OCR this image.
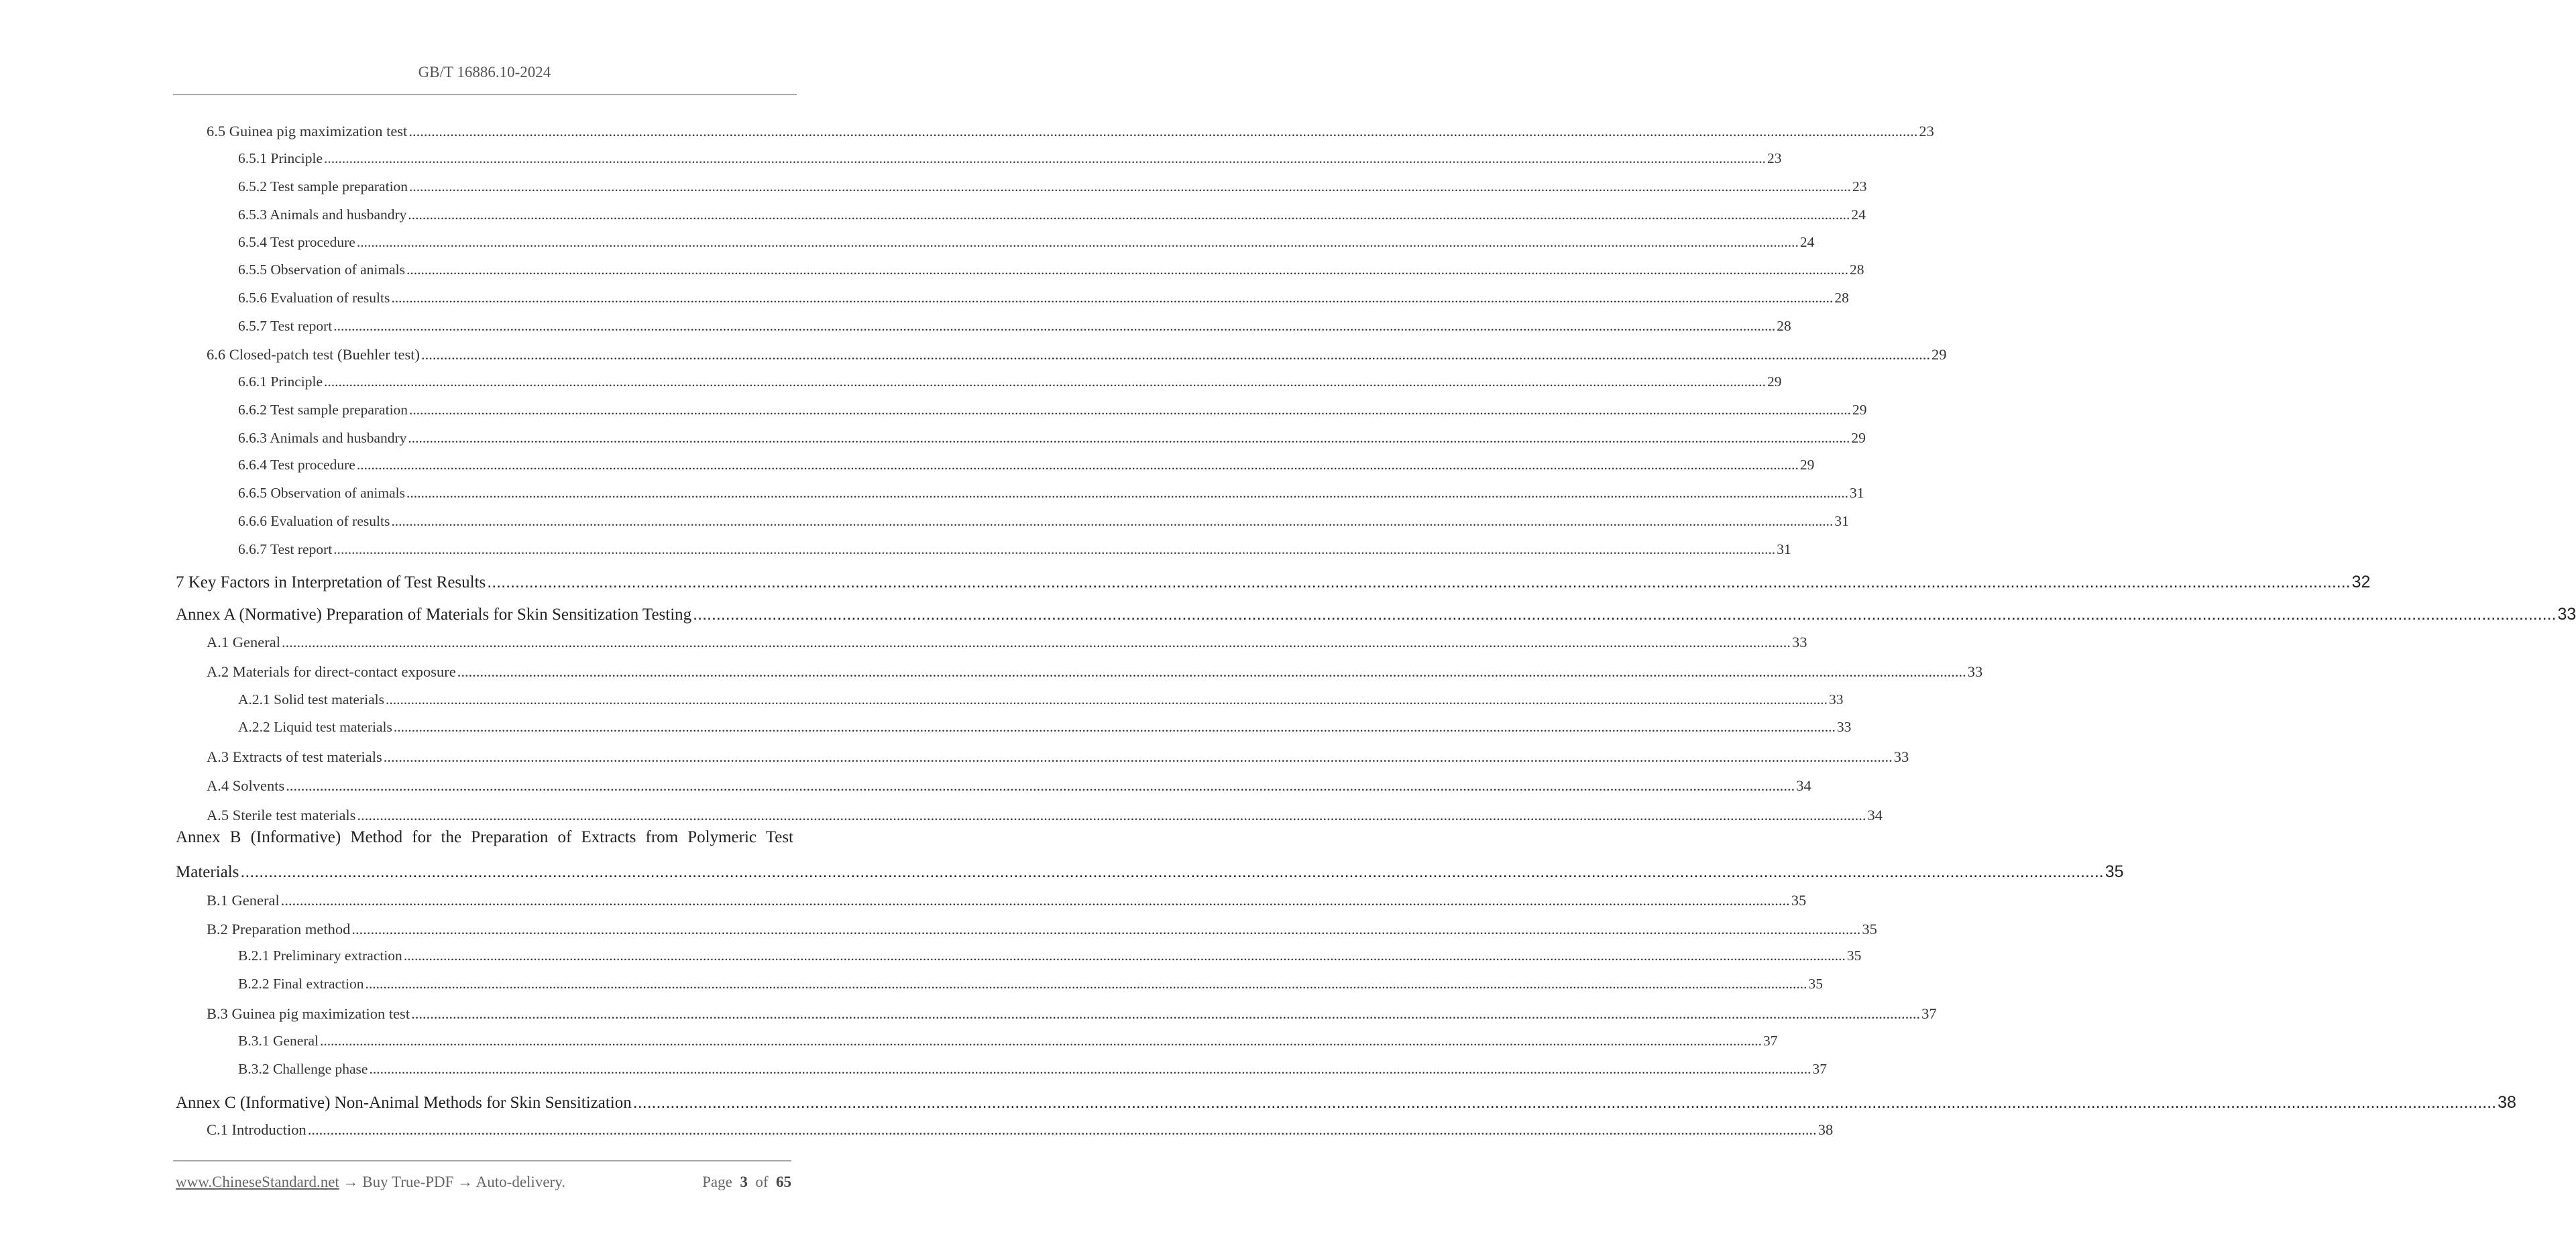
GB/T 16886.10-2024
6.5 Guinea pig maximization test ................................................................................................................................................................................................................................................................................................................................................................................................................ 23
6.5.1 Principle ................................................................................................................................................................................................................................................................................................................................................................................................................ 23
6.5.2 Test sample preparation ................................................................................................................................................................................................................................................................................................................................................................................................................ 23
6.5.3 Animals and husbandry ................................................................................................................................................................................................................................................................................................................................................................................................................ 24
6.5.4 Test procedure ................................................................................................................................................................................................................................................................................................................................................................................................................ 24
6.5.5 Observation of animals ................................................................................................................................................................................................................................................................................................................................................................................................................ 28
6.5.6 Evaluation of results ................................................................................................................................................................................................................................................................................................................................................................................................................ 28
6.5.7 Test report ................................................................................................................................................................................................................................................................................................................................................................................................................ 28
6.6 Closed-patch test (Buehler test) ................................................................................................................................................................................................................................................................................................................................................................................................................ 29
6.6.1 Principle ................................................................................................................................................................................................................................................................................................................................................................................................................ 29
6.6.2 Test sample preparation ................................................................................................................................................................................................................................................................................................................................................................................................................ 29
6.6.3 Animals and husbandry ................................................................................................................................................................................................................................................................................................................................................................................................................ 29
6.6.4 Test procedure ................................................................................................................................................................................................................................................................................................................................................................................................................ 29
6.6.5 Observation of animals ................................................................................................................................................................................................................................................................................................................................................................................................................ 31
6.6.6 Evaluation of results ................................................................................................................................................................................................................................................................................................................................................................................................................ 31
6.6.7 Test report ................................................................................................................................................................................................................................................................................................................................................................................................................ 31
7 Key Factors in Interpretation of Test Results ................................................................................................................................................................................................................................................................................................................................................................................................................ 32
Annex A (Normative) Preparation of Materials for Skin Sensitization Testing ................................................................................................................................................................................................................................................................................................................................................................................................................ 33
A.1 General ................................................................................................................................................................................................................................................................................................................................................................................................................ 33
A.2 Materials for direct-contact exposure ................................................................................................................................................................................................................................................................................................................................................................................................................ 33
A.2.1 Solid test materials ................................................................................................................................................................................................................................................................................................................................................................................................................ 33
A.2.2 Liquid test materials ................................................................................................................................................................................................................................................................................................................................................................................................................ 33
A.3 Extracts of test materials ................................................................................................................................................................................................................................................................................................................................................................................................................ 33
A.4 Solvents ................................................................................................................................................................................................................................................................................................................................................................................................................ 34
A.5 Sterile test materials ................................................................................................................................................................................................................................................................................................................................................................................................................ 34
Annex B (Informative) Method for the Preparation of Extracts from Polymeric Test
Materials ................................................................................................................................................................................................................................................................................................................................................................................................................ 35
B.1 General ................................................................................................................................................................................................................................................................................................................................................................................................................ 35
B.2 Preparation method ................................................................................................................................................................................................................................................................................................................................................................................................................ 35
B.2.1 Preliminary extraction ................................................................................................................................................................................................................................................................................................................................................................................................................ 35
B.2.2 Final extraction ................................................................................................................................................................................................................................................................................................................................................................................................................ 35
B.3 Guinea pig maximization test ................................................................................................................................................................................................................................................................................................................................................................................................................ 37
B.3.1 General ................................................................................................................................................................................................................................................................................................................................................................................................................ 37
B.3.2 Challenge phase ................................................................................................................................................................................................................................................................................................................................................................................................................ 37
Annex C (Informative) Non-Animal Methods for Skin Sensitization ................................................................................................................................................................................................................................................................................................................................................................................................................ 38
C.1 Introduction ................................................................................................................................................................................................................................................................................................................................................................................................................ 38
www.ChineseStandard.net → Buy True-PDF → Auto-delivery.	Page 3 of 65
